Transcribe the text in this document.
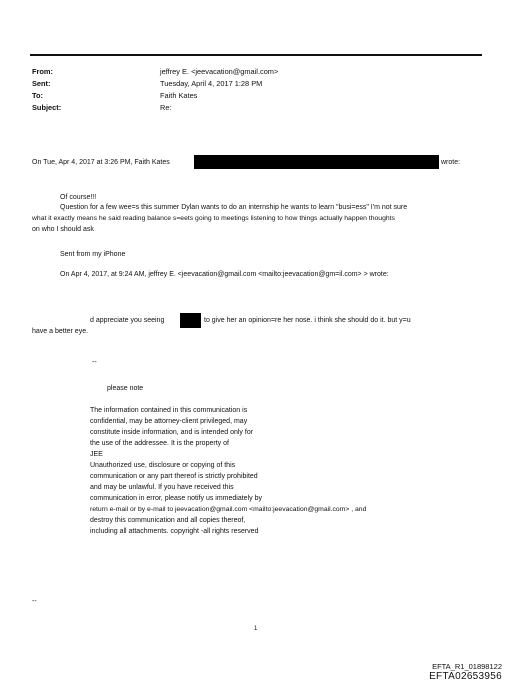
From:	jeffrey E. <jeevacation@gmail.com>
Sent:	Tuesday, April 4, 2017 1:28 PM
To:	Faith Kates
Subject:	Re:
On Tue, Apr 4, 2017 at 3:26 PM, Faith Kates	wrote:
Of course!!!
Question for a few wee=s this summer Dylan wants to do an internship he wants to learn "busi=ess" I'm not sure
what it exactly means he said reading balance s=eets going to meetings listening to how things actually happen thoughts
on who I should ask
Sent from my iPhone
On Apr 4, 2017, at 9:24 AM, jeffrey E. <jeevacation@gmail.com <mailto:jeevacation@gm=il.com> > wrote:
d appreciate you seeing	to give her an opinion=re her nose. i think she should do it. but y=u
have a better eye.
--
please note
The information contained in this communication is
confidential, may be attorney-client privileged, may
constitute inside information, and is intended only for
the use of the addressee. It is the property of
JEE
Unauthorized use, disclosure or copying of this
communication or any part thereof is strictly prohibited
and may be unlawful. If you have received this
communication in error, please notify us immediately by
return e-mail or by e-mail to jeevacation@gmail.com <mailto:jeevacation@gmail.com> , and
destroy this communication and all copies thereof,
including all attachments. copyright -all rights reserved
--
1
EFTA_R1_01898122
EFTA02653956
